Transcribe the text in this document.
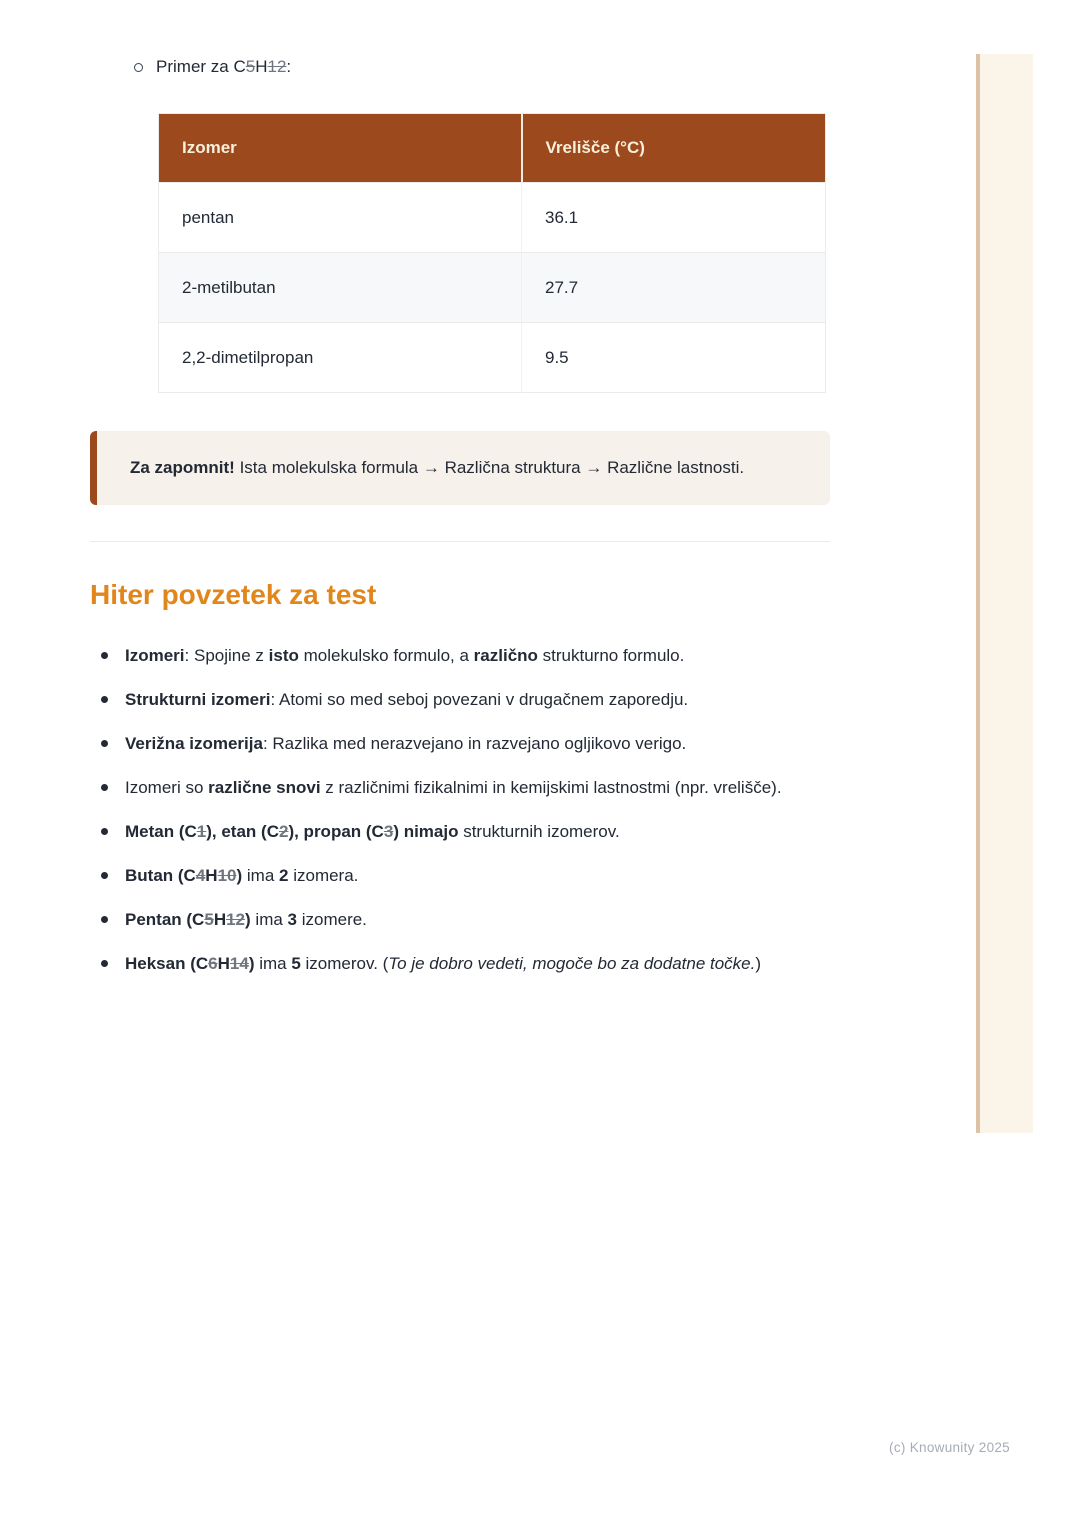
Primer za C5H12:
Izomer	Vrelišče (°C)
pentan	36.1
2-metilbutan	27.7
2,2-dimetilpropan	9.5

Za zapomnit! Ista molekulska formula → Različna struktura → Različne lastnosti.

Hiter povzetek za test
Izomeri: Spojine z isto molekulsko formulo, a različno strukturno formulo.
Strukturni izomeri: Atomi so med seboj povezani v drugačnem zaporedju.
Verižna izomerija: Razlika med nerazvejano in razvejano ogljikovo verigo.
Izomeri so različne snovi z različnimi fizikalnimi in kemijskimi lastnostmi (npr. vrelišče).
Metan (C1), etan (C2), propan (C3) nimajo strukturnih izomerov.
Butan (C4H10) ima 2 izomera.
Pentan (C5H12) ima 3 izomere.
Heksan (C6H14) ima 5 izomerov. (To je dobro vedeti, mogoče bo za dodatne točke.)
(c) Knowunity 2025
